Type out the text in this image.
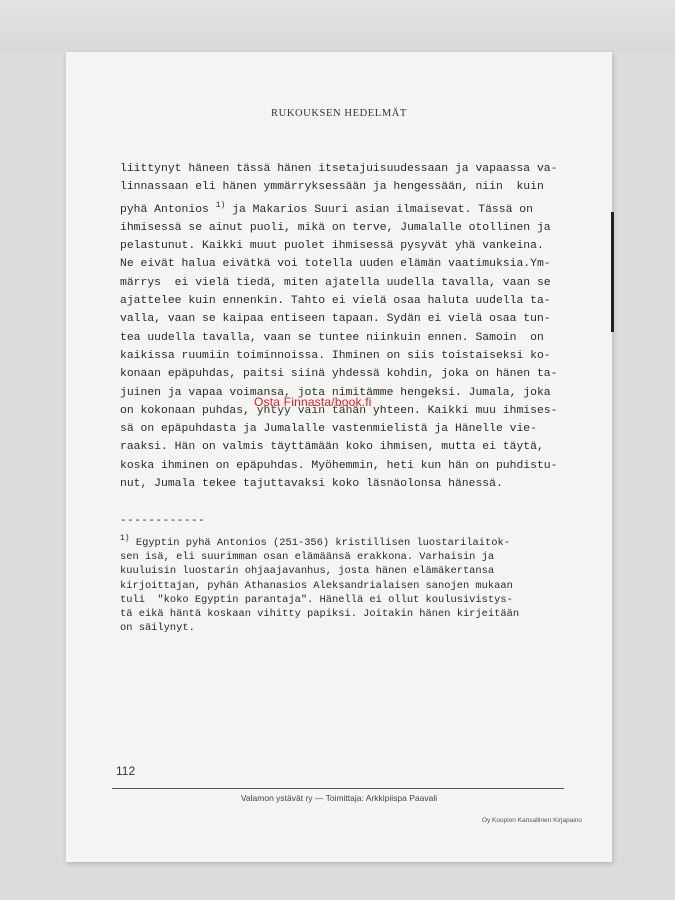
RUKOUKSEN HEDELMÄT
liittynyt häneen tässä hänen itsetajuisuudessaan ja vapaassa va-
linnassaan eli hänen ymmärryksessään ja hengessään, niin  kuin
pyhä Antonios $^{1)}$ ja Makarios Suuri asian ilmaisevat. Tässä on
ihmisessä se ainut puoli, mikä on terve, Jumalalle otollinen ja
pelastunut. Kaikki muut puolet ihmisessä pysyvät yhä vankeina.
Ne eivät halua eivätkä voi totella uuden elämän vaatimuksia.Ym-
märrys  ei vielä tiedä, miten ajatella uudella tavalla, vaan se
ajattelee kuin ennenkin. Tahto ei vielä osaa haluta uudella ta-
valla, vaan se kaipaa entiseen tapaan. Sydän ei vielä osaa tun-
tea uudella tavalla, vaan se tuntee niinkuin ennen. Samoin  on
kaikissa ruumiin toiminnoissa. Ihminen on siis toistaiseksi ko-
konaan epäpuhdas, paitsi siinä yhdessä kohdin, joka on hänen ta-
juinen ja vapaa voimansa, jota nimitämme hengeksi. Jumala, joka
on kokonaan puhdas, yhtyy vain tähän yhteen. Kaikki muu ihmises-
sä on epäpuhdasta ja Jumalalle vastenmielistä ja Hänelle vie-
raaksi. Hän on valmis täyttämään koko ihmisen, mutta ei täytä,
koska ihminen on epäpuhdas. Myöhemmin, heti kun hän on puhdistu-
nut, Jumala tekee tajuttavaksi koko läsnäolonsa hänessä.
Osta Finnasta/book.fi
------------
$^{1)}$ Egyptin pyhä Antonios (251-356) kristillisen luostarilaitok-
sen isä, eli suurimman osan elämäänsä erakkona. Varhaisin ja
kuuluisin luostarin ohjaajavanhus, josta hänen elämäkertansa
kirjoittajan, pyhän Athanasios Aleksandrialaisen sanojen mukaan
tuli  "koko Egyptin parantaja". Hänellä ei ollut koulusivistys-
tä eikä häntä koskaan vihitty papiksi. Joitakin hänen kirjeitään
on säilynyt.
112
Valamon ystävät ry — Toimittaja: Arkkipiispa Paavali
Oy Kuopion Kansallinen Kirjapaino
